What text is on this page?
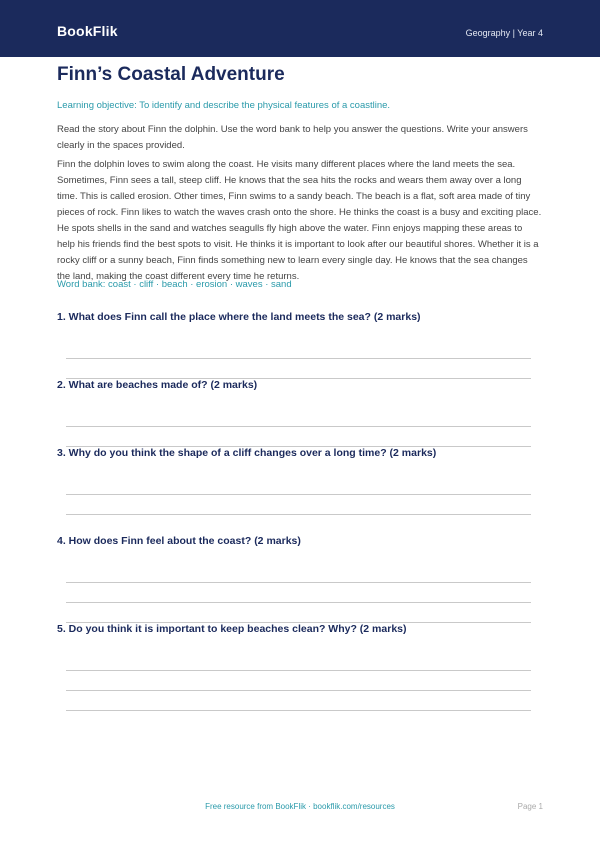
BookFlik	Geography | Year 4
Finn’s Coastal Adventure
Learning objective: To identify and describe the physical features of a coastline.

Read the story about Finn the dolphin. Use the word bank to help you answer the questions. Write your answers clearly in the spaces provided.

Finn the dolphin loves to swim along the coast. He visits many different places where the land meets the sea. Sometimes, Finn sees a tall, steep cliff. He knows that the sea hits the rocks and wears them away over a long time. This is called erosion. Other times, Finn swims to a sandy beach. The beach is a flat, soft area made of tiny pieces of rock. Finn likes to watch the waves crash onto the shore. He thinks the coast is a busy and exciting place. He spots shells in the sand and watches seagulls fly high above the water. Finn enjoys mapping these areas to help his friends find the best spots to visit. He thinks it is important to look after our beautiful shores. Whether it is a rocky cliff or a sunny beach, Finn finds something new to learn every single day. He knows that the sea changes the land, making the coast different every time he returns.

Word bank: coast · cliff · beach · erosion · waves · sand
1. What does Finn call the place where the land meets the sea? (2 marks)
2. What are beaches made of? (2 marks)
3. Why do you think the shape of a cliff changes over a long time? (2 marks)
4. How does Finn feel about the coast? (2 marks)
5. Do you think it is important to keep beaches clean? Why? (2 marks)
Free resource from BookFlik · bookflik.com/resources	Page 1
